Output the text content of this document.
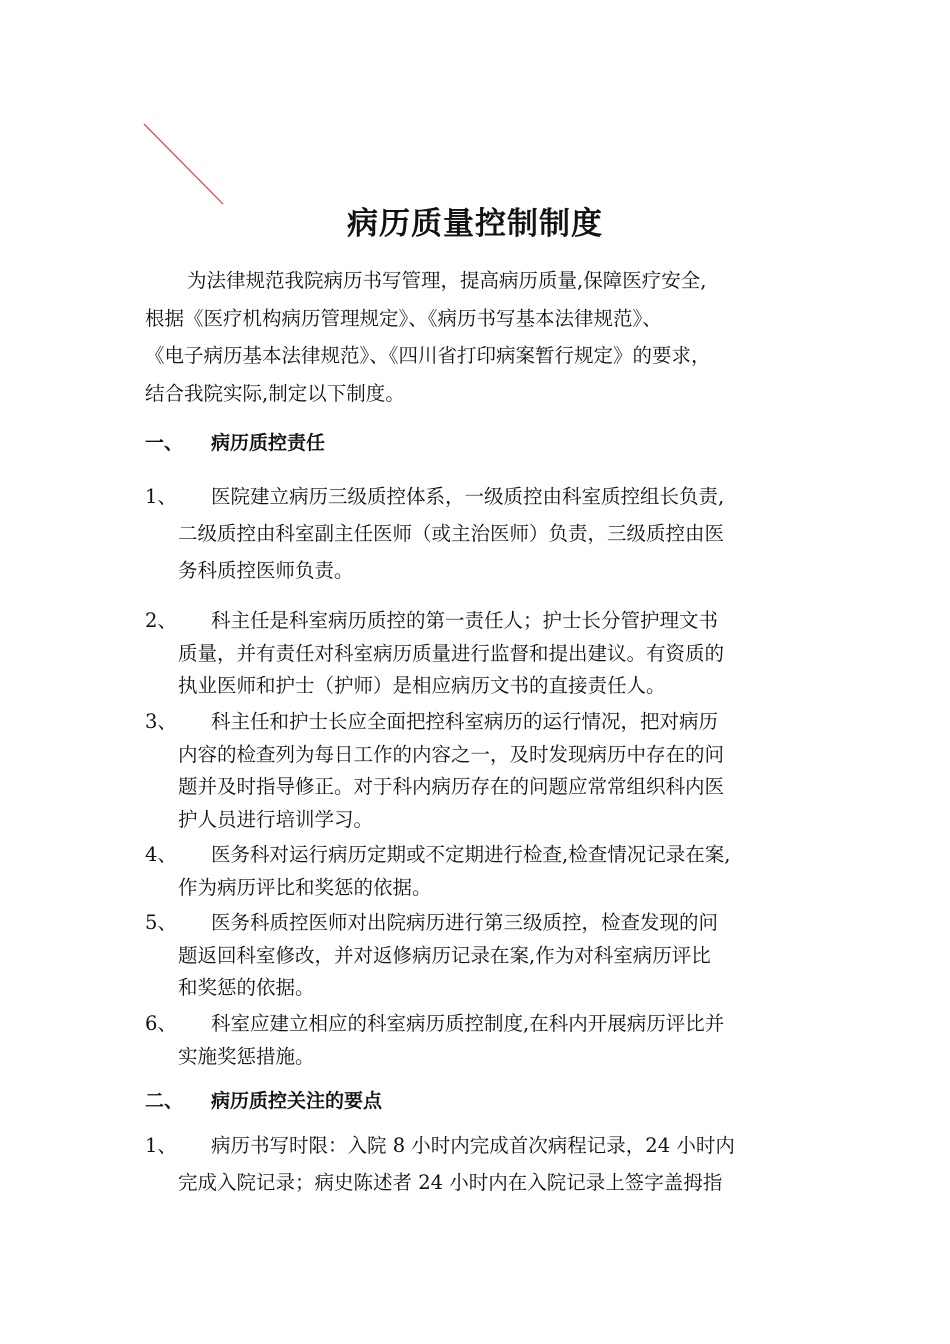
病历质量控制制度

为法律规范我院病历书写管理，提高病历质量,保障医疗安全,
根据《医疗机构病历管理规定》、《病历书写基本法律规范》、
《电子病历基本法律规范》、《四川省打印病案暂行规定》的要求，
结合我院实际,制定以下制度。

一、 病历质控责任
1、 医院建立病历三级质控体系，一级质控由科室质控组长负责,
二级质控由科室副主任医师（或主治医师）负责，三级质控由医
务科质控医师负责。
2、 科主任是科室病历质控的第一责任人；护士长分管护理文书
质量，并有责任对科室病历质量进行监督和提出建议。有资质的
执业医师和护士（护师）是相应病历文书的直接责任人。
3、 科主任和护士长应全面把控科室病历的运行情况，把对病历
内容的检查列为每日工作的内容之一，及时发现病历中存在的问
题并及时指导修正。对于科内病历存在的问题应常常组织科内医
护人员进行培训学习。
4、 医务科对运行病历定期或不定期进行检查,检查情况记录在案,
作为病历评比和奖惩的依据。
5、 医务科质控医师对出院病历进行第三级质控，检查发现的问
题返回科室修改，并对返修病历记录在案,作为对科室病历评比
和奖惩的依据。
6、 科室应建立相应的科室病历质控制度,在科内开展病历评比并
实施奖惩措施。
二、 病历质控关注的要点
1、 病历书写时限：入院 8 小时内完成首次病程记录，24 小时内
完成入院记录；病史陈述者 24 小时内在入院记录上签字盖拇指
